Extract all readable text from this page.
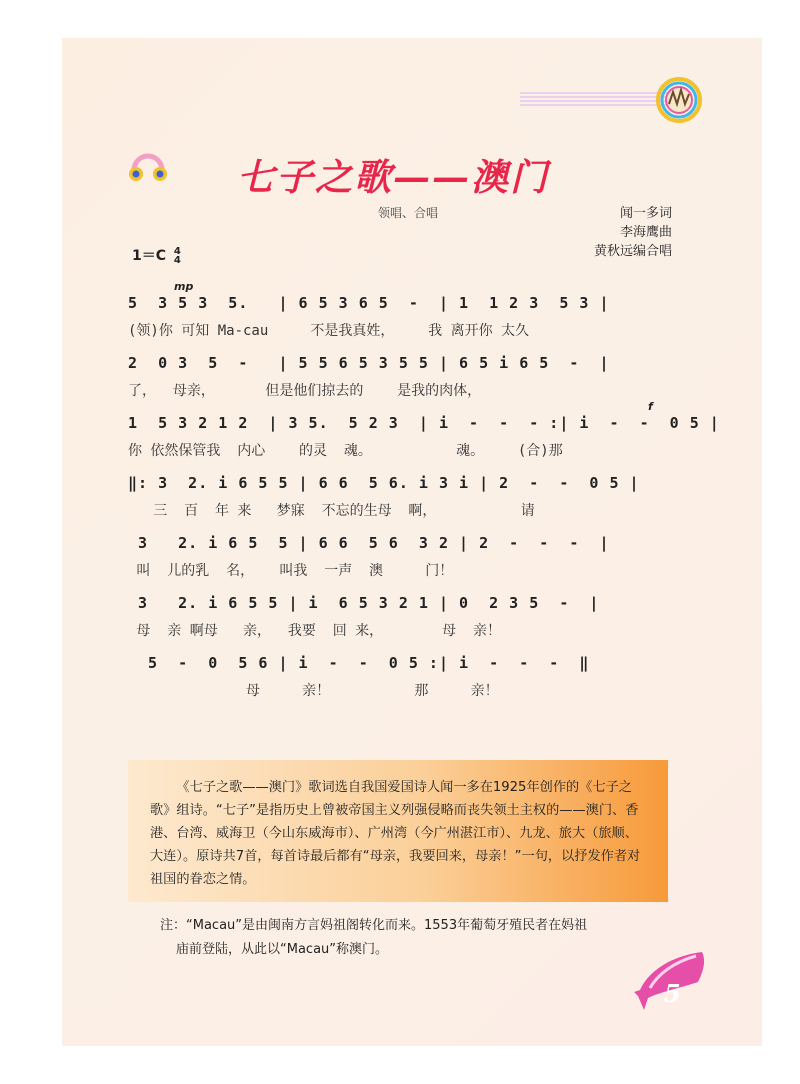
七子之歌——澳门
领唱、合唱	闻一多词
李海鹰曲
黄秋远编合唱
1＝C 4
4
mp
5  3 5 3  5.   | 6 5 3 6 5  -  | 1  1 2 3  5 3 |
(领)你 可知 Ma-cau     不是我真姓，    我 离开你 太久
2  0 3  5  -   | 5 5 6 5 3 5 5 | 6 5 i 6 5  -  |
了，  母亲，      但是他们掠去的    是我的肉体，
f
1  5 3 2 1 2  | 3 5.  5 2 3  | i  -  -  - :| i  -  -  0 5 |
你 依然保管我  内心    的灵  魂。          魂。    (合)那
‖: 3  2. i 6 5 5 | 6 6  5 6. i 3 i | 2  -  -  0 5 |
三  百  年 来   梦寐  不忘的生母  啊，          请
3   2. i 6 5  5 | 6 6  5 6  3 2 | 2  -  -  -  |
叫  儿的乳  名，   叫我  一声  澳     门！
3   2. i 6 5 5 | i  6 5 3 2 1 | 0  2 3 5  -  |
母  亲 啊母   亲，  我要  回 来，       母  亲！
5  -  0  5 6 | i  -  -  0 5 :| i  -  -  -  ‖
母     亲！          那     亲！

《七子之歌——澳门》歌词选自我国爱国诗人闻一多在1925年创作的《七子之歌》组诗。“七子”是指历史上曾被帝国主义列强侵略而丧失领土主权的——澳门、香港、台湾、威海卫（今山东威海市）、广州湾（今广州湛江市）、九龙、旅大（旅顺、大连）。原诗共7首，每首诗最后都有“母亲，我要回来，母亲！”一句，以抒发作者对祖国的眷恋之情。

注：“Macau”是由闽南方言妈祖阁转化而来。1553年葡萄牙殖民者在妈祖
庙前登陆，从此以“Macau”称澳门。
5
